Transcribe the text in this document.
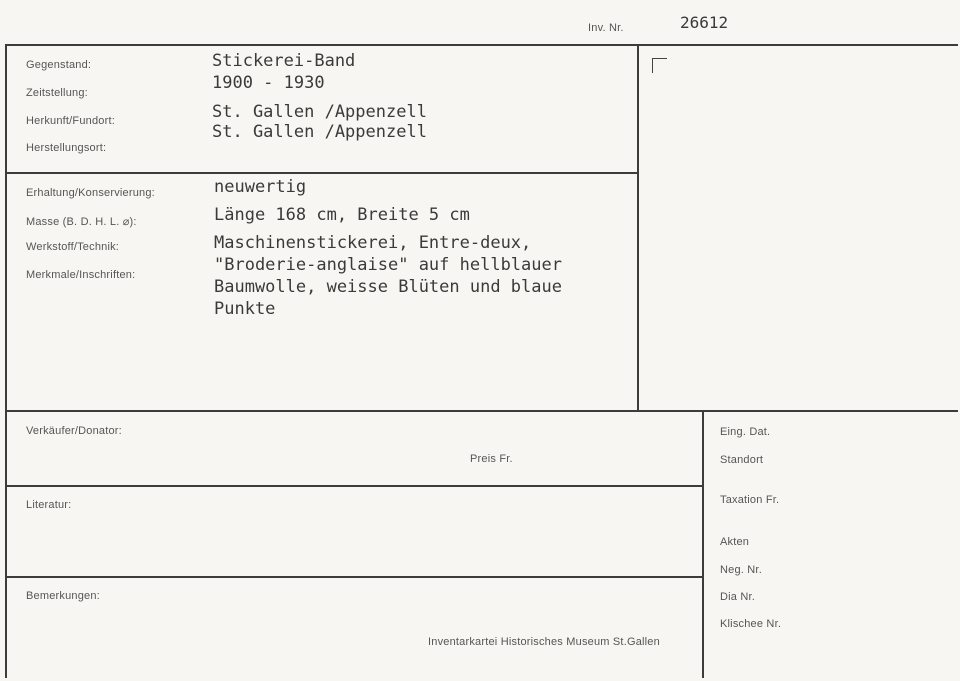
Inv. Nr.	26612
Gegenstand:
Zeitstellung:
Herkunft/Fundort:
Herstellungsort:
Stickerei-Band
1900 - 1930
St. Gallen /Appenzell
St. Gallen /Appenzell
Erhaltung/Konservierung:
Masse (B. D. H. L. ⌀):
Werkstoff/Technik:
Merkmale/Inschriften:
neuwertig
Länge 168 cm, Breite 5 cm
Maschinenstickerei, Entre-deux,
"Broderie-anglaise" auf hellblauer
Baumwolle, weisse Blüten und blaue
Punkte
Verkäufer/Donator:
Preis Fr.
Literatur:
Bemerkungen:
Inventarkartei Historisches Museum St.Gallen
Eing. Dat.
Standort
Taxation Fr.
Akten
Neg. Nr.
Dia Nr.
Klischee Nr.
